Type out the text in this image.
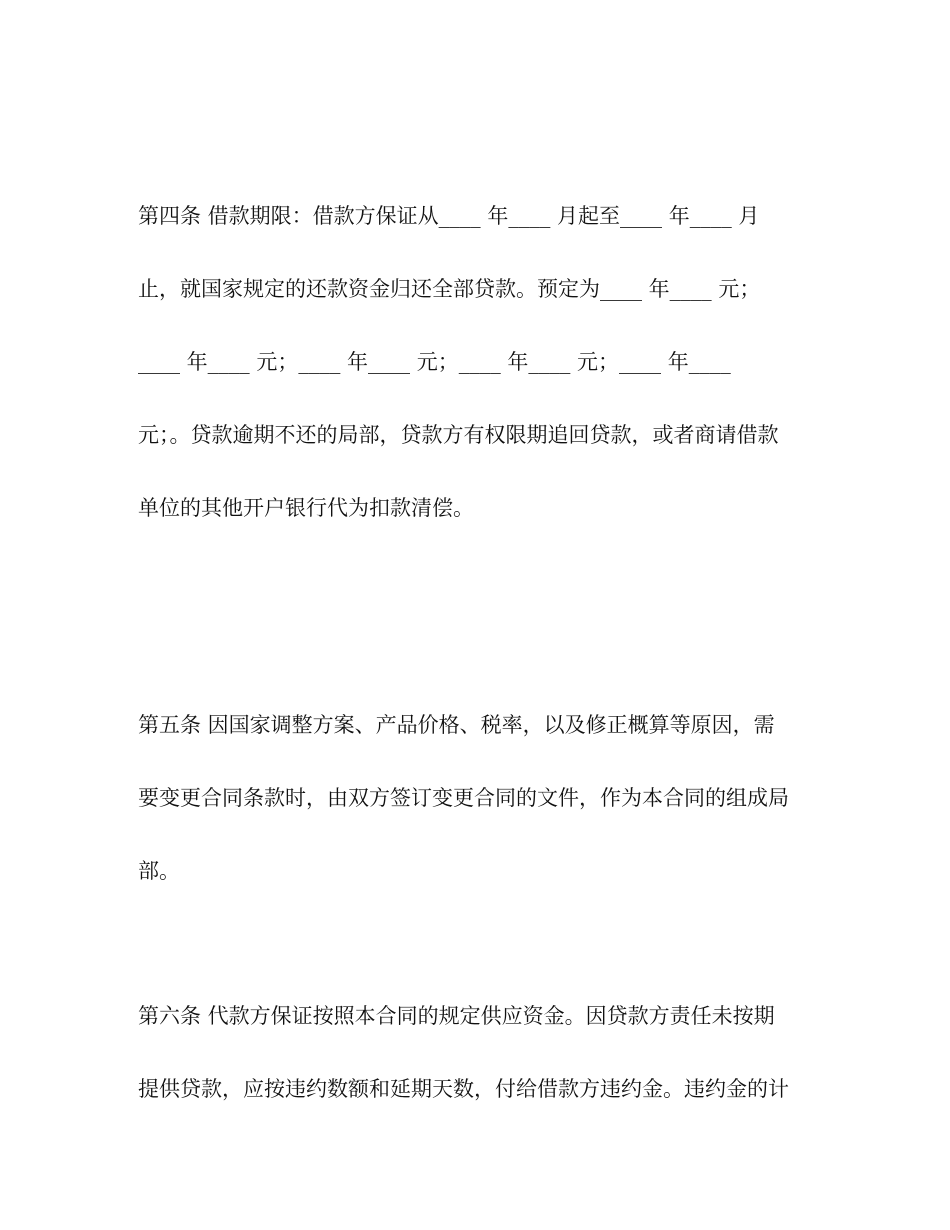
第四条 借款期限：借款方保证从____ 年____ 月起至____ 年____ 月
止，就国家规定的还款资金归还全部贷款。预定为____ 年____ 元；
____ 年____ 元；____ 年____ 元；____ 年____ 元；____ 年____
元；。贷款逾期不还的局部，贷款方有权限期追回贷款，或者商请借款
单位的其他开户银行代为扣款清偿。
第五条 因国家调整方案、产品价格、税率，以及修正概算等原因，需
要变更合同条款时，由双方签订变更合同的文件，作为本合同的组成局
部。
第六条 代款方保证按照本合同的规定供应资金。因贷款方责任未按期
提供贷款，应按违约数额和延期天数，付给借款方违约金。违约金的计
